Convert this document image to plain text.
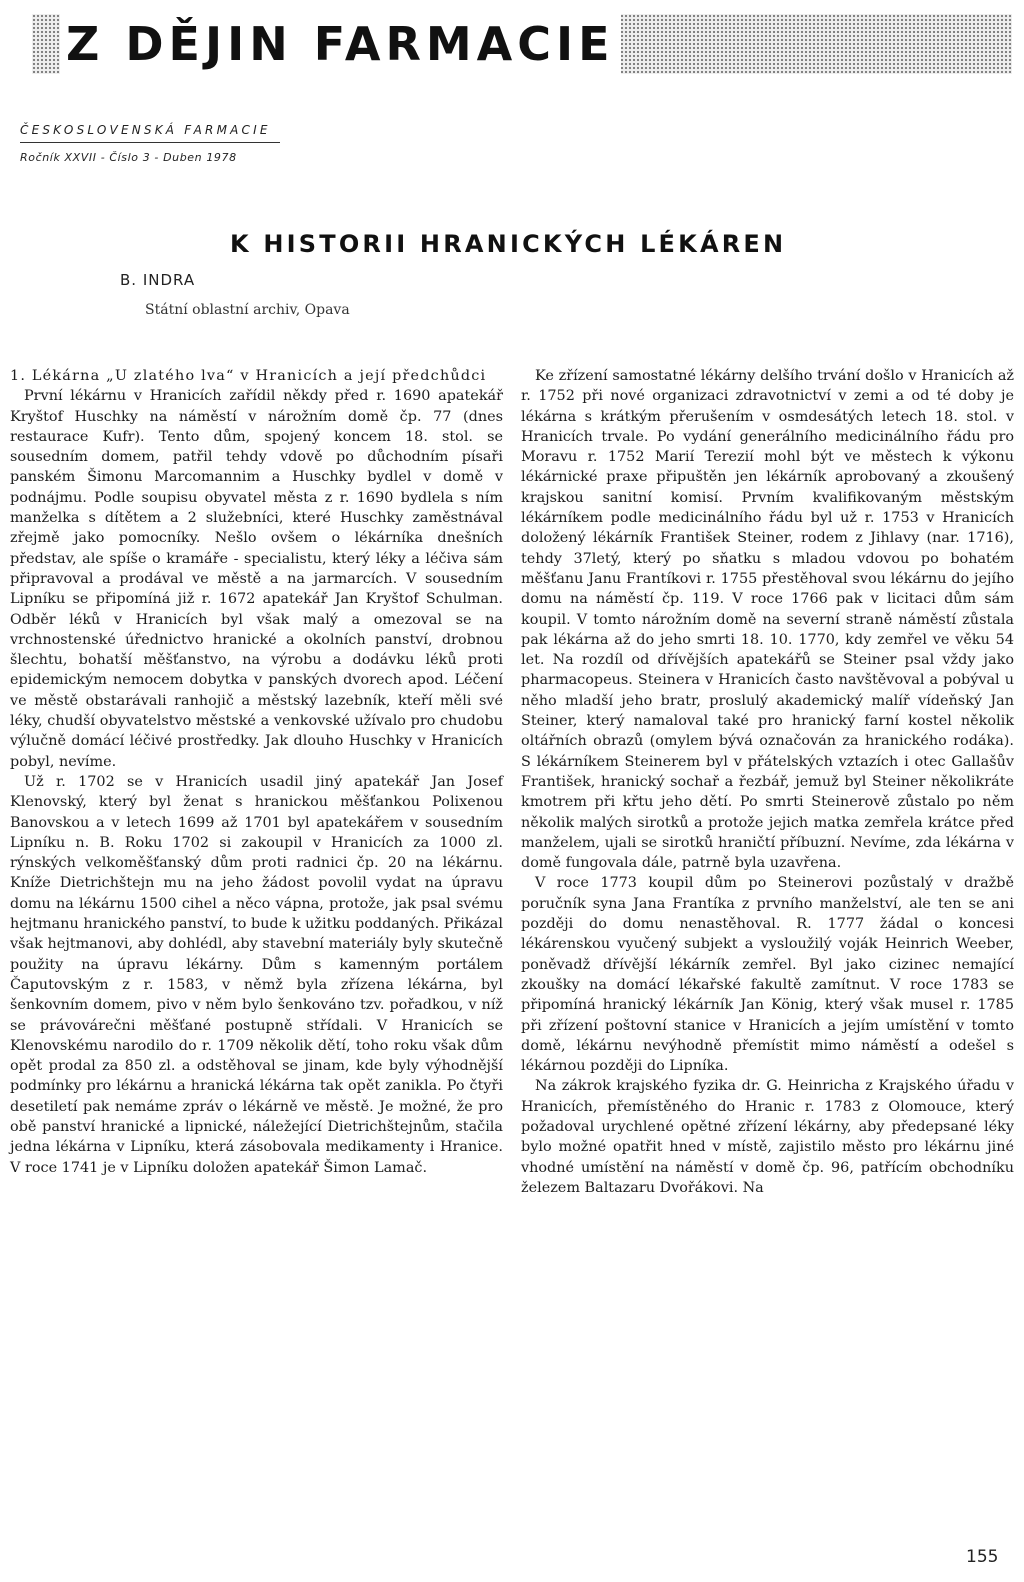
Z DĚJIN FARMACIE
ČESKOSLOVENSKÁ FARMACIE
Ročník XXVII - Číslo 3 - Duben 1978
K HISTORII HRANICKÝCH LÉKÁREN
B. INDRA
Státní oblastní archiv, Opava

1. Lékárna „U zlatého lva“ v Hranicích a její předchůdci

První lékárnu v Hranicích zařídil někdy před r. 1690 apatekář Kryštof Huschky na náměstí v nárožním domě čp. 77 (dnes restaurace Kufr). Tento dům, spojený koncem 18. stol. se sousedním domem, patřil tehdy vdově po důchodním písaři panském Šimonu Marcomannim a Huschky bydlel v domě v podnájmu. Podle soupisu obyvatel města z r. 1690 bydlela s ním manželka s dítětem a 2 služebníci, které Huschky zaměstnával zřejmě jako pomocníky. Nešlo ovšem o lékárníka dnešních představ, ale spíše o kramáře - specialistu, který léky a léčiva sám připravoval a prodával ve městě a na jarmarcích. V sousedním Lipníku se připomíná již r. 1672 apatekář Jan Kryštof Schulman. Odběr léků v Hranicích byl však malý a omezoval se na vrchnostenské úřednictvo hranické a okolních panství, drobnou šlechtu, bohatší měšťanstvo, na výrobu a dodávku léků proti epidemickým nemocem dobytka v panských dvorech apod. Léčení ve městě obstarávali ranhojič a městský lazebník, kteří měli své léky, chudší obyvatelstvo městské a venkovské užívalo pro chudobu výlučně domácí léčivé prostředky. Jak dlouho Huschky v Hranicích pobyl, nevíme.

Už r. 1702 se v Hranicích usadil jiný apatekář Jan Josef Klenovský, který byl ženat s hranickou měšťankou Polixenou Banovskou a v letech 1699 až 1701 byl apatekářem v sousedním Lipníku n. B. Roku 1702 si zakoupil v Hranicích za 1000 zl. rýnských velkoměšťanský dům proti radnici čp. 20 na lékárnu. Kníže Dietrichštejn mu na jeho žádost povolil vydat na úpravu domu na lékárnu 1500 cihel a něco vápna, protože, jak psal svému hejtmanu hranického panství, to bude k užitku poddaných. Přikázal však hejtmanovi, aby dohlédl, aby stavební materiály byly skutečně použity na úpravu lékárny. Dům s kamenným portálem Čaputovským z r. 1583, v němž byla zřízena lékárna, byl šenkovním domem, pivo v něm bylo šenkováno tzv. pořadkou, v níž se právovárečni měšťané postupně střídali. V Hranicích se Klenovskému narodilo do r. 1709 několik dětí, toho roku však dům opět prodal za 850 zl. a odstěhoval se jinam, kde byly výhodnější podmínky pro lékárnu a hranická lékárna tak opět zanikla. Po čtyři desetiletí pak nemáme zpráv o lékárně ve městě. Je možné, že pro obě panství hranické a lipnické, náležející Dietrichštejnům, stačila jedna lékárna v Lipníku, která zásobovala medikamenty i Hranice. V roce 1741 je v Lipníku doložen apatekář Šimon Lamač.

Ke zřízení samostatné lékárny delšího trvání došlo v Hranicích až r. 1752 při nové organizaci zdravotnictví v zemi a od té doby je lékárna s krátkým přerušením v osmdesátých letech 18. stol. v Hranicích trvale. Po vydání generálního medicinálního řádu pro Moravu r. 1752 Marií Terezií mohl být ve městech k výkonu lékárnické praxe připuštěn jen lékárník aprobovaný a zkoušený krajskou sanitní komisí. Prvním kvalifikovaným městským lékárníkem podle medicinálního řádu byl už r. 1753 v Hranicích doložený lékárník František Steiner, rodem z Jihlavy (nar. 1716), tehdy 37letý, který po sňatku s mladou vdovou po bohatém měšťanu Janu Frantíkovi r. 1755 přestěhoval svou lékárnu do jejího domu na náměstí čp. 119. V roce 1766 pak v licitaci dům sám koupil. V tomto nárožním domě na severní straně náměstí zůstala pak lékárna až do jeho smrti 18. 10. 1770, kdy zemřel ve věku 54 let. Na rozdíl od dřívějších apatekářů se Steiner psal vždy jako pharmacopeus. Steinera v Hranicích často navštěvoval a pobýval u něho mladší jeho bratr, proslulý akademický malíř vídeňský Jan Steiner, který namaloval také pro hranický farní kostel několik oltářních obrazů (omylem bývá označován za hranického rodáka). S lékárníkem Steinerem byl v přátelských vztazích i otec Gallašův František, hranický sochař a řezbář, jemuž byl Steiner několikráte kmotrem při křtu jeho dětí. Po smrti Steinerově zůstalo po něm několik malých sirotků a protože jejich matka zemřela krátce před manželem, ujali se sirotků hraničtí příbuzní. Nevíme, zda lékárna v domě fungovala dále, patrně byla uzavřena.

V roce 1773 koupil dům po Steinerovi pozůstalý v dražbě poručník syna Jana Frantíka z prvního manželství, ale ten se ani později do domu nenastěhoval. R. 1777 žádal o koncesi lékárenskou vyučený subjekt a vysloužilý voják Heinrich Weeber, poněvadž dřívější lékárník zemřel. Byl jako cizinec nemající zkoušky na domácí lékařské fakultě zamítnut. V roce 1783 se připomíná hranický lékárník Jan König, který však musel r. 1785 při zřízení poštovní stanice v Hranicích a jejím umístění v tomto domě, lékárnu nevýhodně přemístit mimo náměstí a odešel s lékárnou později do Lipníka.

Na zákrok krajského fyzika dr. G. Heinricha z Krajského úřadu v Hranicích, přemístěného do Hranic r. 1783 z Olomouce, který požadoval urychlené opětné zřízení lékárny, aby předepsané léky bylo možné opatřit hned v místě, zajistilo město pro lékárnu jiné vhodné umístění na náměstí v domě čp. 96, patřícím obchodníku železem Baltazaru Dvořákovi. Na

155
